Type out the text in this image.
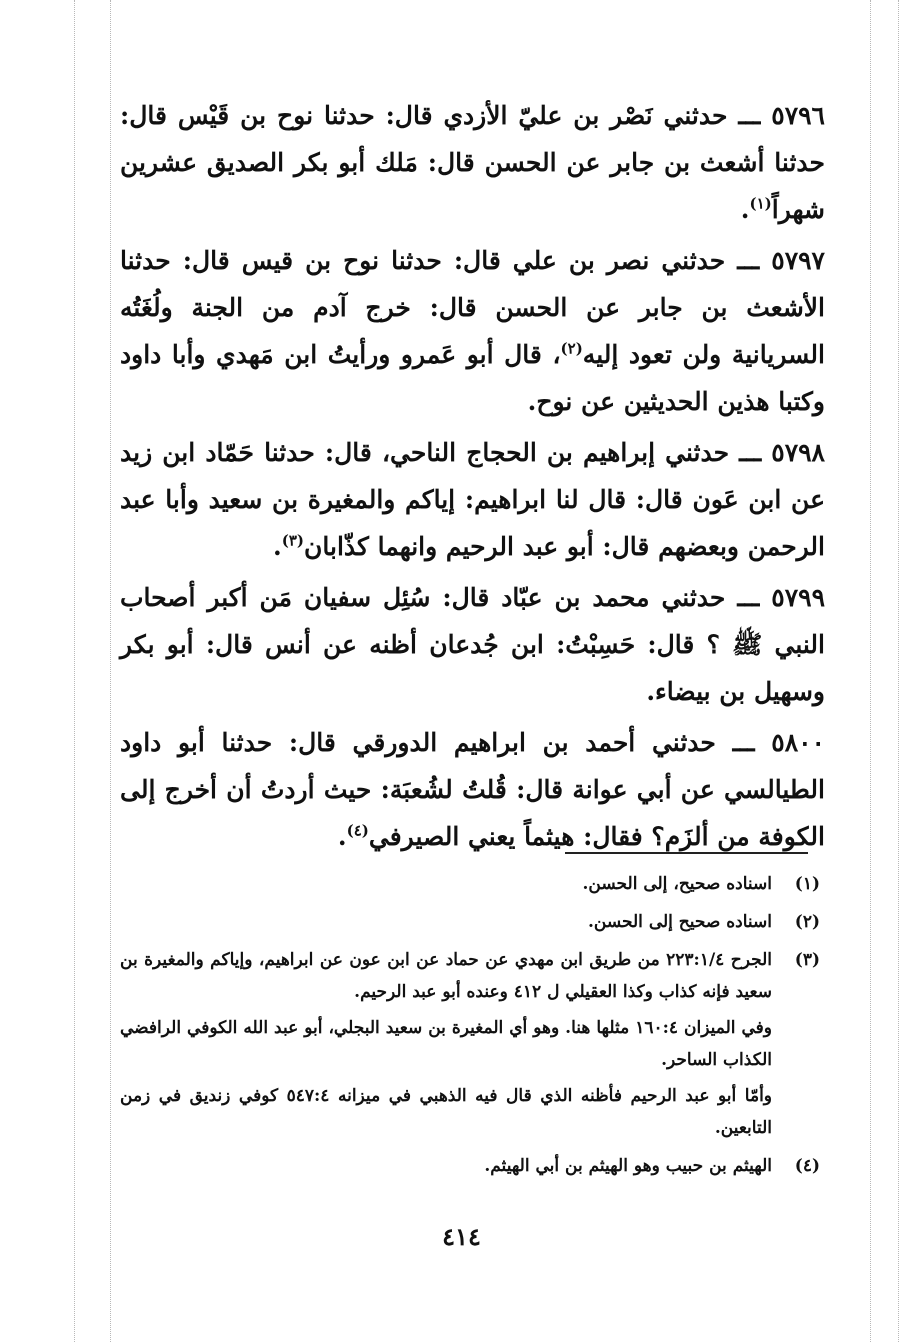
٥٧٩٦ ـــ حدثني نَصْر بن عليّ الأزدي قال: حدثنا نوح بن قَيْس قال: حدثنا أشعث بن جابر عن الحسن قال: مَلك أبو بكر الصديق عشرين شهراً$^{(١)}$.

٥٧٩٧ ـــ حدثني نصر بن علي قال: حدثنا نوح بن قيس قال: حدثنا الأشعث بن جابر عن الحسن قال: خرج آدم من الجنة ولُغَتُه السريانية ولن تعود إليه$^{(٢)}$، قال أبو عَمرو ورأيتُ ابن مَهدي وأبا داود وكتبا هذين الحديثين عن نوح.

٥٧٩٨ ـــ حدثني إبراهيم بن الحجاج الناحي، قال: حدثنا حَمّاد ابن زيد عن ابن عَون قال: قال لنا ابراهيم: إياكم والمغيرة بن سعيد وأبا عبد الرحمن وبعضهم قال: أبو عبد الرحيم وانهما كذّابان$^{(٣)}$.

٥٧٩٩ ـــ حدثني محمد بن عبّاد قال: سُئِل سفيان مَن أكبر أصحاب النبي ﷺ ؟ قال: حَسِبْتُ: ابن جُدعان أظنه عن أنس قال: أبو بكر وسهيل بن بيضاء.

٥٨٠٠ ـــ حدثني أحمد بن ابراهيم الدورقي قال: حدثنا أبو داود الطيالسي عن أبي عوانة قال: قُلتُ لشُعبَة: حيث أردتُ أن أخرج إلى الكوفة من ألزَم؟ فقال: هيثماً يعني الصيرفي$^{(٤)}$.

(١)

اسناده صحيح، إلى الحسن.

(٢)

اسناده صحيح إلى الحسن.

(٣)

الجرح ٢٢٣:١/٤ من طريق ابن مهدي عن حماد عن ابن عون عن ابراهيم، وإياكم والمغيرة بن سعيد فإنه كذاب وكذا العقيلي ل ٤١٢ وعنده أبو عبد الرحيم.

وفي الميزان ١٦٠:٤ مثلها هنا. وهو أي المغيرة بن سعيد البجلي، أبو عبد الله الكوفي الرافضي الكذاب الساحر.

وأمّا أبو عبد الرحيم فأظنه الذي قال فيه الذهبي في ميزانه ٥٤٧:٤ كوفي زنديق في زمن التابعين.

(٤)

الهيثم بن حبيب وهو الهيثم بن أبي الهيثم.

٤١٤
